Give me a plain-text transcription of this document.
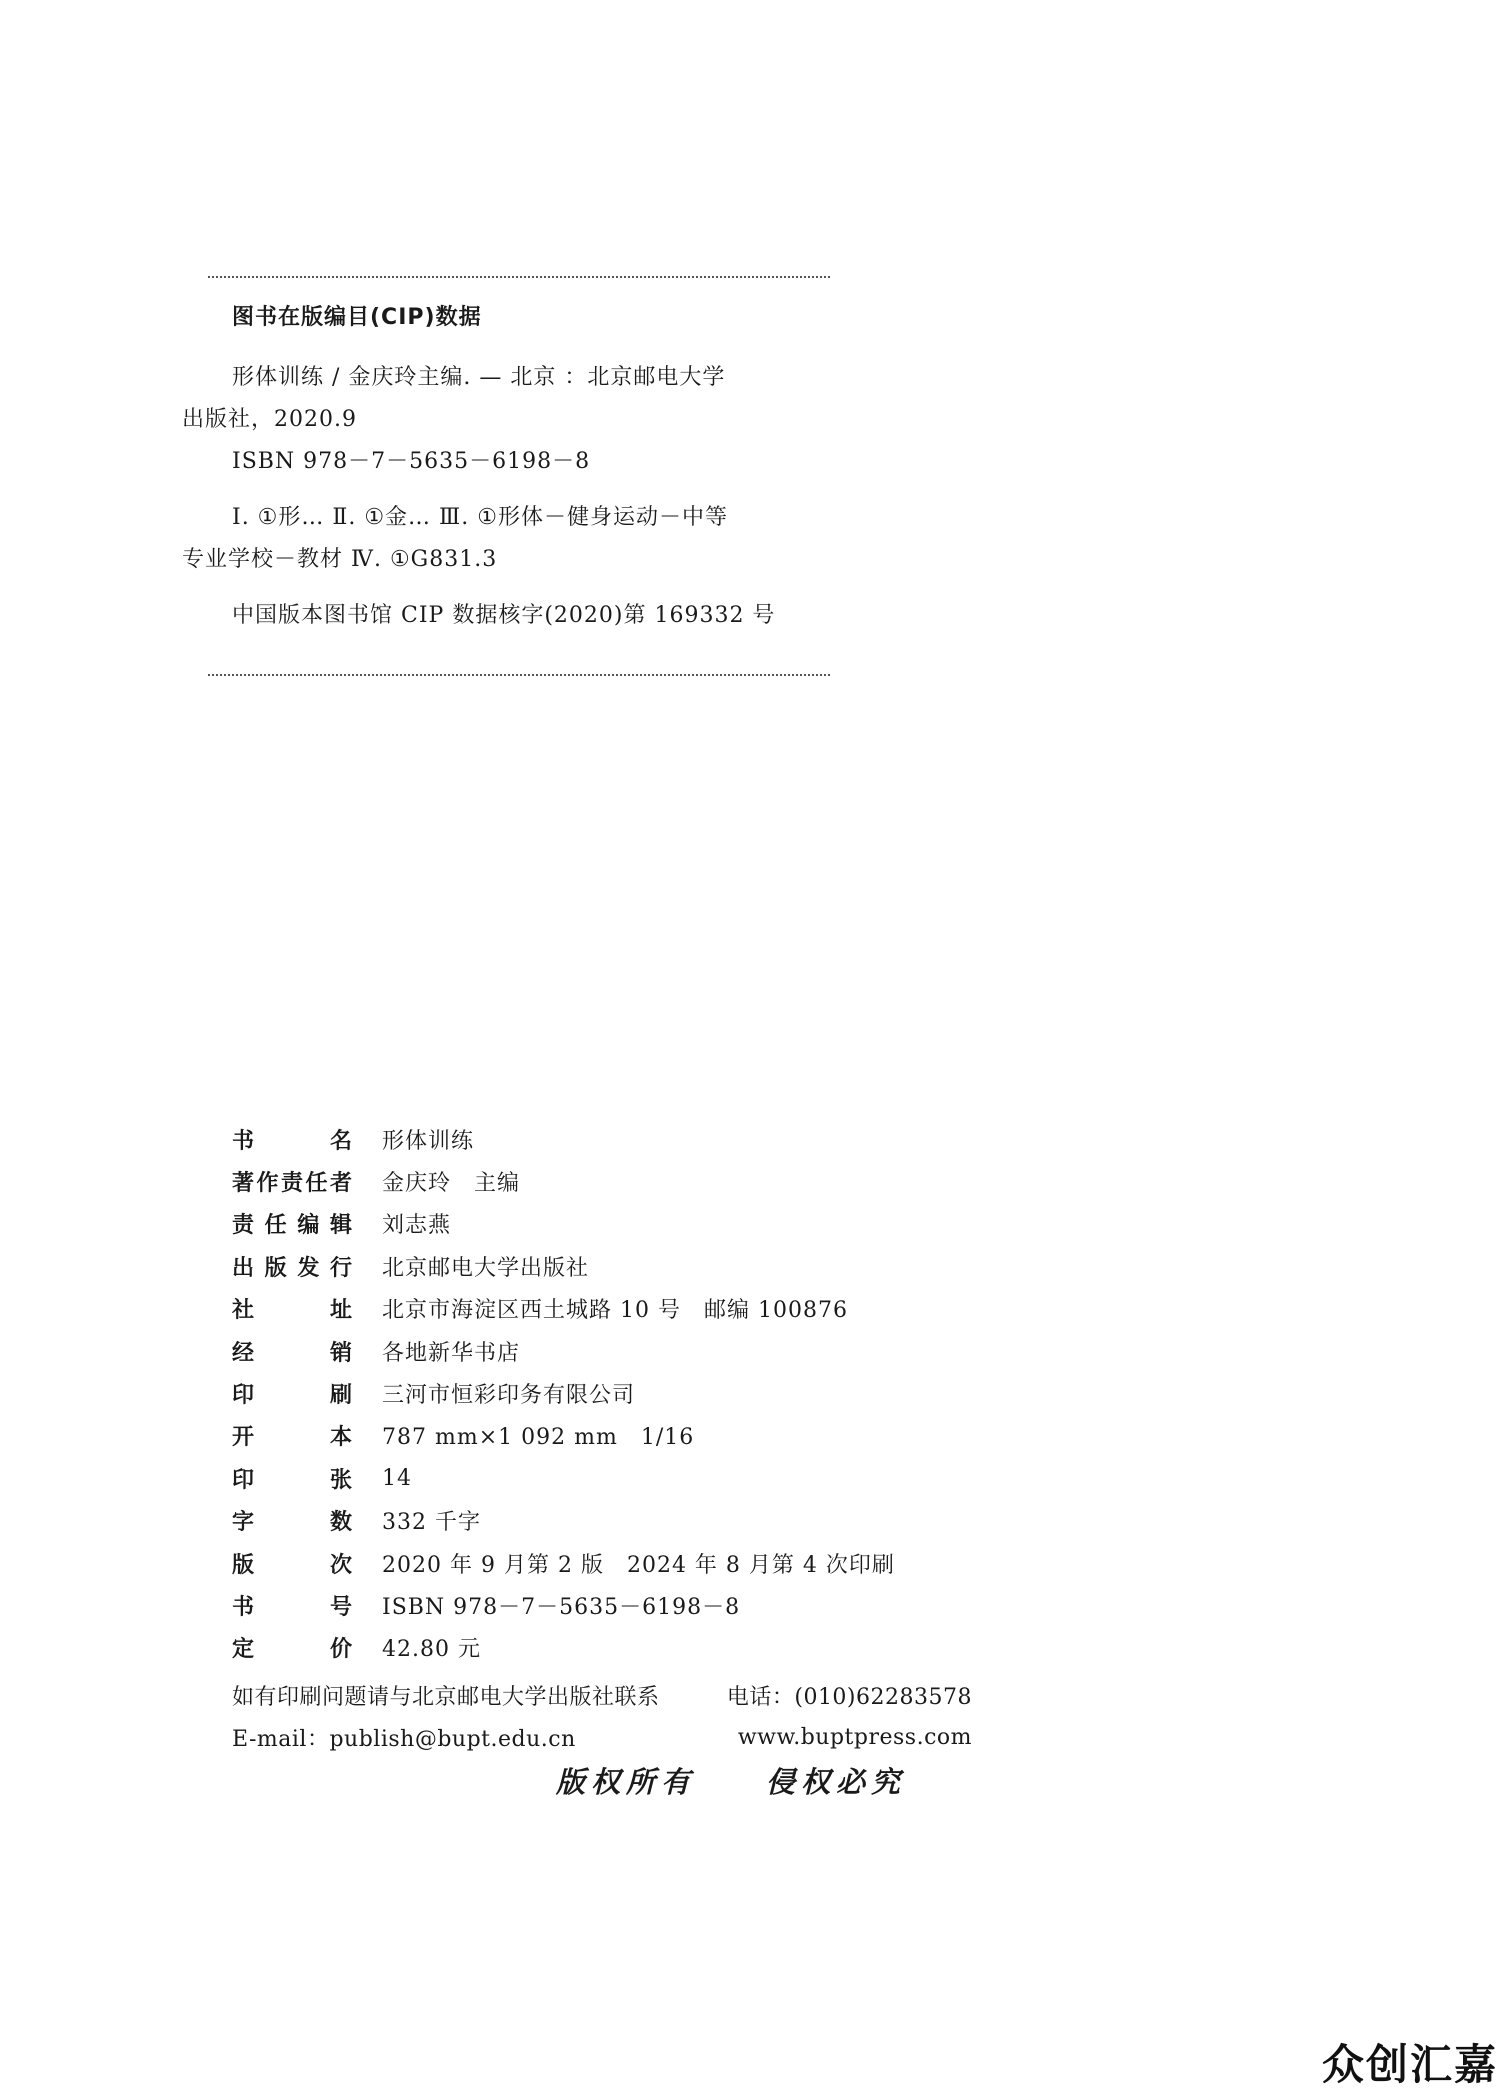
图书在版编目(CIP)数据

形体训练 / 金庆玲主编. — 北京 ：北京邮电大学

出版社，2020.9

ISBN 978－7－5635－6198－8

Ⅰ. ①形… Ⅱ. ①金… Ⅲ. ①形体－健身运动－中等

专业学校－教材 Ⅳ. ①G831.3

中国版本图书馆 CIP 数据核字(2020)第 169332 号

书	名 形体训练
著 作 责 任 者 金庆玲　主编
责 任 编 辑 刘志燕
出 版 发 行 北京邮电大学出版社
社	址 北京市海淀区西土城路 10 号　邮编 100876
经	销 各地新华书店
印	刷 三河市恒彩印务有限公司
开	本 787 mm×1 092 mm　1/16
印	张 14
字	数 332 千字
版	次 2020 年 9 月第 2 版　2024 年 8 月第 4 次印刷
书	号 ISBN 978－7－5635－6198－8
定	价 42.80 元
如有印刷问题请与北京邮电大学出版社联系	电话：(010)62283578
E-mail：publish@bupt.edu.cn	www.buptpress.com
版权所有 侵权必究
众创汇嘉
